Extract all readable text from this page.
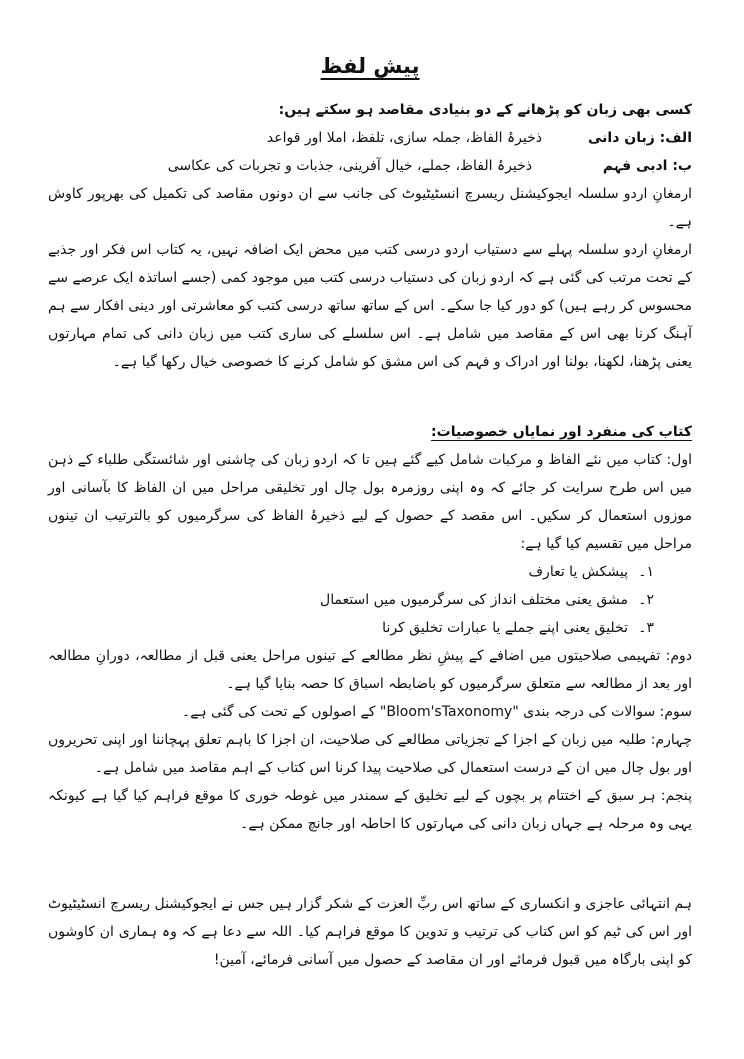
پیش لفظ

کسی بھی زبان کو پڑھانے کے دو بنیادی مقاصد ہو سکتے ہیں:

الف: زبان دانی
ذخیرۂ الفاظ، جملہ سازی، تلفظ، املا اور قواعد
ب: ادبی فہم
ذخیرۂ الفاظ، جملے، خیال آفرینی، جذبات و تجربات کی عکاسی

ارمغانِ اردو سلسلہ ایجوکیشنل ریسرچ انسٹیٹیوٹ کی جانب سے ان دونوں مقاصد کی تکمیل کی بھرپور کاوش ہے۔

ارمغانِ اردو سلسلہ پہلے سے دستیاب اردو درسی کتب میں محض ایک اضافہ نہیں، یہ کتاب اس فکر اور جذبے کے تحت مرتب کی گئی ہے کہ اردو زبان کی دستیاب درسی کتب میں موجود کمی (جسے اساتذہ ایک عرصے سے محسوس کر رہے ہیں) کو دور کیا جا سکے۔ اس کے ساتھ ساتھ درسی کتب کو معاشرتی اور دینی افکار سے ہم آہنگ کرنا بھی اس کے مقاصد میں شامل ہے۔ اس سلسلے کی ساری کتب میں زبان دانی کی تمام مہارتوں یعنی پڑھنا، لکھنا، بولنا اور ادراک و فہم کی اس مشق کو شامل کرنے کا خصوصی خیال رکھا گیا ہے۔

کتاب کی منفرد اور نمایاں خصوصیات:

اول: کتاب میں نئے الفاظ و مرکبات شامل کیے گئے ہیں تا کہ اردو زبان کی چاشنی اور شائستگی طلباء کے ذہن میں اس طرح سرایت کر جائے کہ وہ اپنی روزمرہ بول چال اور تخلیقی مراحل میں ان الفاظ کا بآسانی اور موزوں استعمال کر سکیں۔ اس مقصد کے حصول کے لیے ذخیرۂ الفاظ کی سرگرمیوں کو بالترتیب ان تینوں مراحل میں تقسیم کیا گیا ہے:

۱۔
پیشکش یا تعارف
۲۔
مشق یعنی مختلف انداز کی سرگرمیوں میں استعمال
۳۔
تخلیق یعنی اپنے جملے یا عبارات تخلیق کرنا

دوم: تفہیمی صلاحیتوں میں اضافے کے پیشِ نظر مطالعے کے تینوں مراحل یعنی قبل از مطالعہ، دورانِ مطالعہ اور بعد از مطالعہ سے متعلق سرگرمیوں کو باضابطہ اسباق کا حصہ بنایا گیا ہے۔

سوم: سوالات کی درجہ بندی "Bloom'sTaxonomy" کے اصولوں کے تحت کی گئی ہے۔

چہارم: طلبہ میں زبان کے اجزا کے تجزیاتی مطالعے کی صلاحیت، ان اجزا کا باہم تعلق پہچاننا اور اپنی تحریروں اور بول چال میں ان کے درست استعمال کی صلاحیت پیدا کرنا اس کتاب کے اہم مقاصد میں شامل ہے۔

پنجم: ہر سبق کے اختتام پر بچوں کے لیے تخلیق کے سمندر میں غوطہ خوری کا موقع فراہم کیا گیا ہے کیونکہ یہی وہ مرحلہ ہے جہاں زبان دانی کی مہارتوں کا احاطہ اور جانچ ممکن ہے۔

ہم انتہائی عاجزی و انکساری کے ساتھ اس ربِّ العزت کے شکر گزار ہیں جس نے ایجوکیشنل ریسرچ انسٹیٹیوٹ اور اس کی ٹیم کو اس کتاب کی ترتیب و تدوین کا موقع فراہم کیا۔ اللہ سے دعا ہے کہ وہ ہماری ان کاوشوں کو اپنی بارگاہ میں قبول فرمائے اور ان مقاصد کے حصول میں آسانی فرمائے، آمین!
